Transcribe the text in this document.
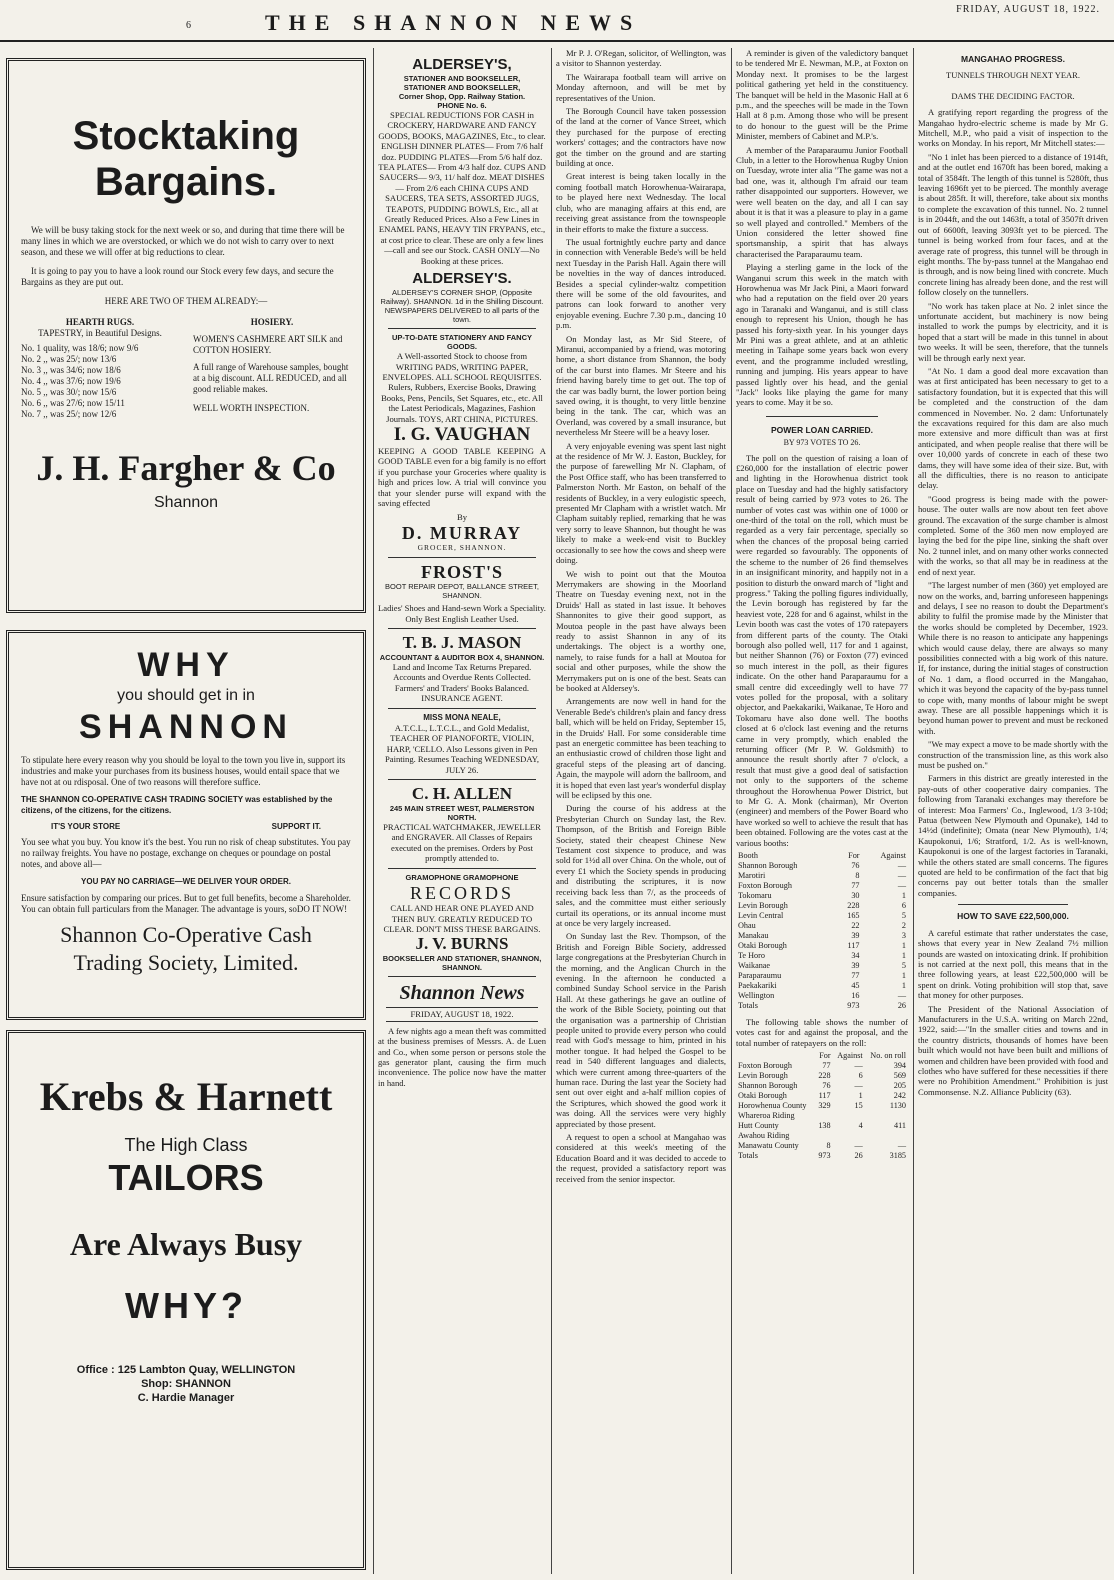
6	THE SHANNON NEWS
FRIDAY, AUGUST 18, 1922.
Stocktaking
Bargains.

We will be busy taking stock for the next week or so, and during that time there will be many lines in which we are overstocked, or which we do not wish to carry over to next season, and these we will offer at big reductions to clear.

It is going to pay you to have a look round our Stock every few days, and secure the Bargains as they are put out.

HERE ARE TWO OF THEM ALREADY:—

HEARTH RUGS.

TAPESTRY, in Beautiful Designs.

No. 1 quality, was 18/6; now 9/6

No. 2 ,, was 25/; now 13/6

No. 3 ,, was 34/6; now 18/6

No. 4 ,, was 37/6; now 19/6

No. 5 ,, was 30/; now 15/6

No. 6 ,, was 27/6; now 15/11

No. 7 ,, was 25/; now 12/6

HOSIERY.

WOMEN'S CASHMERE ART SILK and COTTON HOSIERY.

A full range of Warehouse samples, bought at a big discount. ALL REDUCED, and all good reliable makes.

WELL WORTH INSPECTION.

J. H. Fargher & Co
Shannon
WHY
you should get in in
SHANNON

To stipulate here every reason why you should be loyal to the town you live in, support its industries and make your purchases from its business houses, would entail space that we have not at ou rdisposal. One of two reasons will therefore suffice.

THE SHANNON CO-OPERATIVE CASH TRADING SOCIETY was established by the citizens, of the citizens, for the citizens.

IT'S YOUR STORE	SUPPORT IT.

You see what you buy. You know it's the best. You run no risk of cheap substitutes. You pay no railway freights. You have no postage, exchange on cheques or poundage on postal notes, and above all—

YOU PAY NO CARRIAGE—WE DELIVER YOUR ORDER.

Ensure satisfaction by comparing our prices. But to get full benefits, become a Shareholder. You can obtain full particulars from the Manager. The advantage is yours, soDO IT NOW!

Shannon Co-Operative Cash
Trading Society, Limited.
Krebs & Harnett
The High Class
TAILORS
Are Always Busy
WHY?
Office : 125 Lambton Quay, WELLINGTON
Shop: SHANNON
C. Hardie Manager
ALDERSEY'S,
STATIONER AND BOOKSELLER,
STATIONER AND BOOKSELLER,
Corner Shop, Opp. Railway Station.
PHONE No. 6.
SPECIAL REDUCTIONS FOR CASH in CROCKERY, HARDWARE AND FANCY GOODS, BOOKS, MAGAZINES, Etc., to clear. ENGLISH DINNER PLATES— From 7/6 half doz. PUDDING PLATES—From 5/6 half doz. TEA PLATES— From 4/3 half doz. CUPS AND SAUCERS— 9/3, 11/ half doz. MEAT DISHES— From 2/6 each CHINA CUPS AND SAUCERS, TEA SETS, ASSORTED JUGS, TEAPOTS, PUDDING BOWLS, Etc., all at Greatly Reduced Prices. Also a Few Lines in ENAMEL PANS, HEAVY TIN FRYPANS, etc., at cost price to clear. These are only a few lines—call and see our Stock. CASH ONLY—No Booking at these prices.
ALDERSEY'S.
ALDERSEY'S CORNER SHOP, (Opposite Railway). SHANNON. 1d in the Shilling Discount. NEWSPAPERS DELIVERED to all parts of the town.
UP-TO-DATE STATIONERY AND FANCY GOODS.
A Well-assorted Stock to choose from WRITING PADS, WRITING PAPER, ENVELOPES. ALL SCHOOL REQUISITES. Rulers, Rubbers, Exercise Books, Drawing Books, Pens, Pencils, Set Squares, etc., etc. All the Latest Periodicals, Magazines, Fashion Journals. TOYS, ART CHINA, PICTURES.
I. G. VAUGHAN
KEEPING A GOOD TABLE KEEPING A GOOD TABLE even for a big family is no effort if you purchase your Groceries where quality is high and prices low. A trial will convince you that your slender purse will expand with the saving effected
By
D. MURRAY
GROCER, SHANNON.
FROST'S
BOOT REPAIR DEPOT, BALLANCE STREET, SHANNON.
Ladies' Shoes and Hand-sewn Work a Speciality. Only Best English Leather Used.
T. B. J. MASON
ACCOUNTANT & AUDITOR BOX 4, SHANNON.
Land and Income Tax Returns Prepared. Accounts and Overdue Rents Collected. Farmers' and Traders' Books Balanced. INSURANCE AGENT.
MISS MONA NEALE,
A.T.C.L., L.T.C.L., and Gold Medalist, TEACHER OF PIANOFORTE, VIOLIN, HARP, 'CELLO. Also Lessons given in Pen Painting. Resumes Teaching WEDNESDAY, JULY 26.
C. H. ALLEN
245 MAIN STREET WEST, PALMERSTON NORTH.
PRACTICAL WATCHMAKER, JEWELLER and ENGRAVER. All Classes of Repairs executed on the premises. Orders by Post promptly attended to.
GRAMOPHONE GRAMOPHONE
RECORDS
CALL AND HEAR ONE PLAYED AND THEN BUY. GREATLY REDUCED TO CLEAR. DON'T MISS THESE BARGAINS.
J. V. BURNS
BOOKSELLER AND STATIONER, SHANNON, SHANNON.
Shannon News
FRIDAY, AUGUST 18, 1922.
A few nights ago a mean theft was committed at the business premises of Messrs. A. de Luen and Co., when some person or persons stole the gas generator plant, causing the firm much inconvenience. The police now have the matter in hand.

Mr P. J. O'Regan, solicitor, of Wellington, was a visitor to Shannon yesterday.

The Wairarapa football team will arrive on Monday afternoon, and will be met by representatives of the Union.

The Borough Council have taken possession of the land at the corner of Vance Street, which they purchased for the purpose of erecting workers' cottages; and the contractors have now got the timber on the ground and are starting building at once.

Great interest is being taken locally in the coming football match Horowhenua-Wairarapa, to be played here next Wednesday. The local club, who are managing affairs at this end, are receiving great assistance from the townspeople in their efforts to make the fixture a success.

The usual fortnightly euchre party and dance in connection with Venerable Bede's will be held next Tuesday in the Parish Hall. Again there will be novelties in the way of dances introduced. Besides a special cylinder-waltz competition there will be some of the old favourites, and patrons can look forward to another very enjoyable evening. Euchre 7.30 p.m., dancing 10 p.m.

On Monday last, as Mr Sid Steere, of Miranui, accompanied by a friend, was motoring home, a short distance from Shannon, the body of the car burst into flames. Mr Steere and his friend having barely time to get out. The top of the car was badly burnt, the lower portion being saved owing, it is thought, to very little benzine being in the tank. The car, which was an Overland, was covered by a small insurance, but nevertheless Mr Steere will be a heavy loser.

A very enjoyable evening was spent last night at the residence of Mr W. J. Easton, Buckley, for the purpose of farewelling Mr N. Clapham, of the Post Office staff, who has been transferred to Palmerston North. Mr Easton, on behalf of the residents of Buckley, in a very eulogistic speech, presented Mr Clapham with a wristlet watch. Mr Clapham suitably replied, remarking that he was very sorry to leave Shannon, but thought he was likely to make a week-end visit to Buckley occasionally to see how the cows and sheep were doing.

We wish to point out that the Moutoa Merrymakers are showing in the Moorland Theatre on Tuesday evening next, not in the Druids' Hall as stated in last issue. It behoves Shannonites to give their good support, as Moutoa people in the past have always been ready to assist Shannon in any of its undertakings. The object is a worthy one, namely, to raise funds for a hall at Moutoa for social and other purposes, while the show the Merrymakers put on is one of the best. Seats can be booked at Aldersey's.

Arrangements are now well in hand for the Venerable Bede's children's plain and fancy dress ball, which will be held on Friday, September 15, in the Druids' Hall. For some considerable time past an energetic committee has been teaching to an enthusiastic crowd of children those light and graceful steps of the pleasing art of dancing. Again, the maypole will adorn the ballroom, and it is hoped that even last year's wonderful display will be eclipsed by this one.

During the course of his address at the Presbyterian Church on Sunday last, the Rev. Thompson, of the British and Foreign Bible Society, stated their cheapest Chinese New Testament cost sixpence to produce, and was sold for 1½d all over China. On the whole, out of every £1 which the Society spends in producing and distributing the scriptures, it is now receiving back less than 7/, as the proceeds of sales, and the committee must either seriously curtail its operations, or its annual income must at once be very largely increased.

On Sunday last the Rev. Thompson, of the British and Foreign Bible Society, addressed large congregations at the Presbyterian Church in the morning, and the Anglican Church in the evening. In the afternoon he conducted a combined Sunday School service in the Parish Hall. At these gatherings he gave an outline of the work of the Bible Society, pointing out that the organisation was a partnership of Christian people united to provide every person who could read with God's message to him, printed in his mother tongue. It had helped the Gospel to be read in 540 different languages and dialects, which were current among three-quarters of the human race. During the last year the Society had sent out over eight and a-half million copies of the Scriptures, which showed the good work it was doing. All the services were very highly appreciated by those present.

A request to open a school at Mangahao was considered at this week's meeting of the Education Board and it was decided to accede to the request, provided a satisfactory report was received from the senior inspector.

A reminder is given of the valedictory banquet to be tendered Mr E. Newman, M.P., at Foxton on Monday next. It promises to be the largest political gathering yet held in the constituency. The banquet will be held in the Masonic Hall at 6 p.m., and the speeches will be made in the Town Hall at 8 p.m. Among those who will be present to do honour to the guest will be the Prime Minister, members of Cabinet and M.P.'s.

A member of the Paraparaumu Junior Football Club, in a letter to the Horowhenua Rugby Union on Tuesday, wrote inter alia "The game was not a bad one, was it, although I'm afraid our team rather disappointed our supporters. However, we were well beaten on the day, and all I can say about it is that it was a pleasure to play in a game so well played and controlled." Members of the Union considered the letter showed fine sportsmanship, a spirit that has always characterised the Paraparaumu team.

Playing a sterling game in the lock of the Wanganui scrum this week in the match with Horowhenua was Mr Jack Pini, a Maori forward who had a reputation on the field over 20 years ago in Taranaki and Wanganui, and is still class enough to represent his Union, though he has passed his forty-sixth year. In his younger days Mr Pini was a great athlete, and at an athletic meeting in Taihape some years back won every event, and the programme included wrestling, running and jumping. His years appear to have passed lightly over his head, and the genial "Jack" looks like playing the game for many years to come. May it be so.

POWER LOAN CARRIED.
BY 973 VOTES TO 26.

The poll on the question of raising a loan of £260,000 for the installation of electric power and lighting in the Horowhenua district took place on Tuesday and had the highly satisfactory result of being carried by 973 votes to 26. The number of votes cast was within one of 1000 or one-third of the total on the roll, which must be regarded as a very fair percentage, specially so when the chances of the proposal being carried were regarded so favourably. The opponents of the scheme to the number of 26 find themselves in an insignificant minority, and happily not in a position to disturb the onward march of "light and progress." Taking the polling figures individually, the Levin borough has registered by far the heaviest vote, 228 for and 6 against, whilst in the Levin booth was cast the votes of 170 ratepayers from different parts of the county. The Otaki borough also polled well, 117 for and 1 against, but neither Shannon (76) or Foxton (77) evinced so much interest in the poll, as their figures indicate. On the other hand Paraparaumu for a small centre did exceedingly well to have 77 votes polled for the proposal, with a solitary objector, and Paekakariki, Waikanae, Te Horo and Tokomaru have also done well. The booths closed at 6 o'clock last evening and the returns came in very promptly, which enabled the returning officer (Mr P. W. Goldsmith) to announce the result shortly after 7 o'clock, a result that must give a good deal of satisfaction not only to the supporters of the scheme throughout the Horowhenua Power District, but to Mr G. A. Monk (chairman), Mr Overton (engineer) and members of the Power Board who have worked so well to achieve the result that has been obtained. Following are the votes cast at the various booths:

Booth	For	Against
Shannon Borough	76	—
Marotiri	8	—
Foxton Borough	77	—
Tokomaru	30	1
Levin Borough	228	6
Levin Central	165	5
Ohau	22	2
Manakau	39	3
Otaki Borough	117	1
Te Horo	34	1
Waikanae	39	5
Paraparaumu	77	1
Paekakariki	45	1
Wellington	16	—
Totals	973	26

The following table shows the number of votes cast for and against the proposal, and the total number of ratepayers on the roll:

	For	Against	No. on roll
Foxton Borough	77	—	394
Levin Borough	228	6	569
Shannon Borough	76	—	205
Otaki Borough	117	1	242
Horowhenua County	329	15	1130
Whareroa Riding			
Hutt County	138	4	411
Awahou Riding			
Manawatu County	8	—	—
Totals	973	26	3185
MANGAHAO PROGRESS.
TUNNELS THROUGH NEXT YEAR.
DAMS THE DECIDING FACTOR.

A gratifying report regarding the progress of the Mangahao hydro-electric scheme is made by Mr G. Mitchell, M.P., who paid a visit of inspection to the works on Monday. In his report, Mr Mitchell states:—

"No 1 inlet has been pierced to a distance of 1914ft, and at the outlet end 1670ft has been bored, making a total of 3584ft. The length of this tunnel is 5280ft, thus leaving 1696ft yet to be pierced. The monthly average is about 285ft. It will, therefore, take about six months to complete the excavation of this tunnel. No. 2 tunnel is in 2044ft, and the out 1463ft, a total of 3507ft driven out of 6600ft, leaving 3093ft yet to be pierced. The tunnel is being worked from four faces, and at the average rate of progress, this tunnel will be through in eight months. The by-pass tunnel at the Mangahao end is through, and is now being lined with concrete. Much concrete lining has already been done, and the rest will follow closely on the tunnellers.

"No work has taken place at No. 2 inlet since the unfortunate accident, but machinery is now being installed to work the pumps by electricity, and it is hoped that a start will be made in this tunnel in about two weeks. It will be seen, therefore, that the tunnels will be through early next year.

"At No. 1 dam a good deal more excavation than was at first anticipated has been necessary to get to a satisfactory foundation, but it is expected that this will be completed and the construction of the dam commenced in November. No. 2 dam: Unfortunately the excavations required for this dam are also much more extensive and more difficult than was at first anticipated, and when people realise that there will be over 10,000 yards of concrete in each of these two dams, they will have some idea of their size. But, with all the difficulties, there is no reason to anticipate delay.

"Good progress is being made with the power-house. The outer walls are now about ten feet above ground. The excavation of the surge chamber is almost completed. Some of the 360 men now employed are laying the bed for the pipe line, sinking the shaft over No. 2 tunnel inlet, and on many other works connected with the works, so that all may be in readiness at the end of next year.

"The largest number of men (360) yet employed are now on the works, and, barring unforeseen happenings and delays, I see no reason to doubt the Department's ability to fulfil the promise made by the Minister that the works should be completed by December, 1923. While there is no reason to anticipate any happenings which would cause delay, there are always so many possibilities connected with a big work of this nature. If, for instance, during the initial stages of construction of No. 1 dam, a flood occurred in the Mangahao, which it was beyond the capacity of the by-pass tunnel to cope with, many months of labour might be swept away. These are all possible happenings which it is beyond human power to prevent and must be reckoned with.

"We may expect a move to be made shortly with the construction of the transmission line, as this work also must be pushed on."

Farmers in this district are greatly interested in the pay-outs of other cooperative dairy companies. The following from Taranaki exchanges may therefore be of interest: Moa Farmers' Co., Inglewood, 1/3 3-10d; Patua (between New Plymouth and Opunake), 14d to 14½d (indefinite); Omata (near New Plymouth), 1/4; Kaupokonui, 1/6; Stratford, 1/2. As is well-known, Kaupokonui is one of the largest factories in Taranaki, while the others stated are small concerns. The figures quoted are held to be confirmation of the fact that big concerns pay out better totals than the smaller companies.

HOW TO SAVE £22,500,000.

A careful estimate that rather understates the case, shows that every year in New Zealand 7½ million pounds are wasted on intoxicating drink. If prohibition is not carried at the next poll, this means that in the three following years, at least £22,500,000 will be spent on drink. Voting prohibition will stop that, save that money for other purposes.

The President of the National Association of Manufacturers in the U.S.A. writing on March 22nd, 1922, said:—"In the smaller cities and towns and in the country districts, thousands of homes have been built which would not have been built and millions of women and children have been provided with food and clothes who have suffered for these necessities if there were no Prohibition Amendment." Prohibition is just Commonsense. N.Z. Alliance Publicity (63).
